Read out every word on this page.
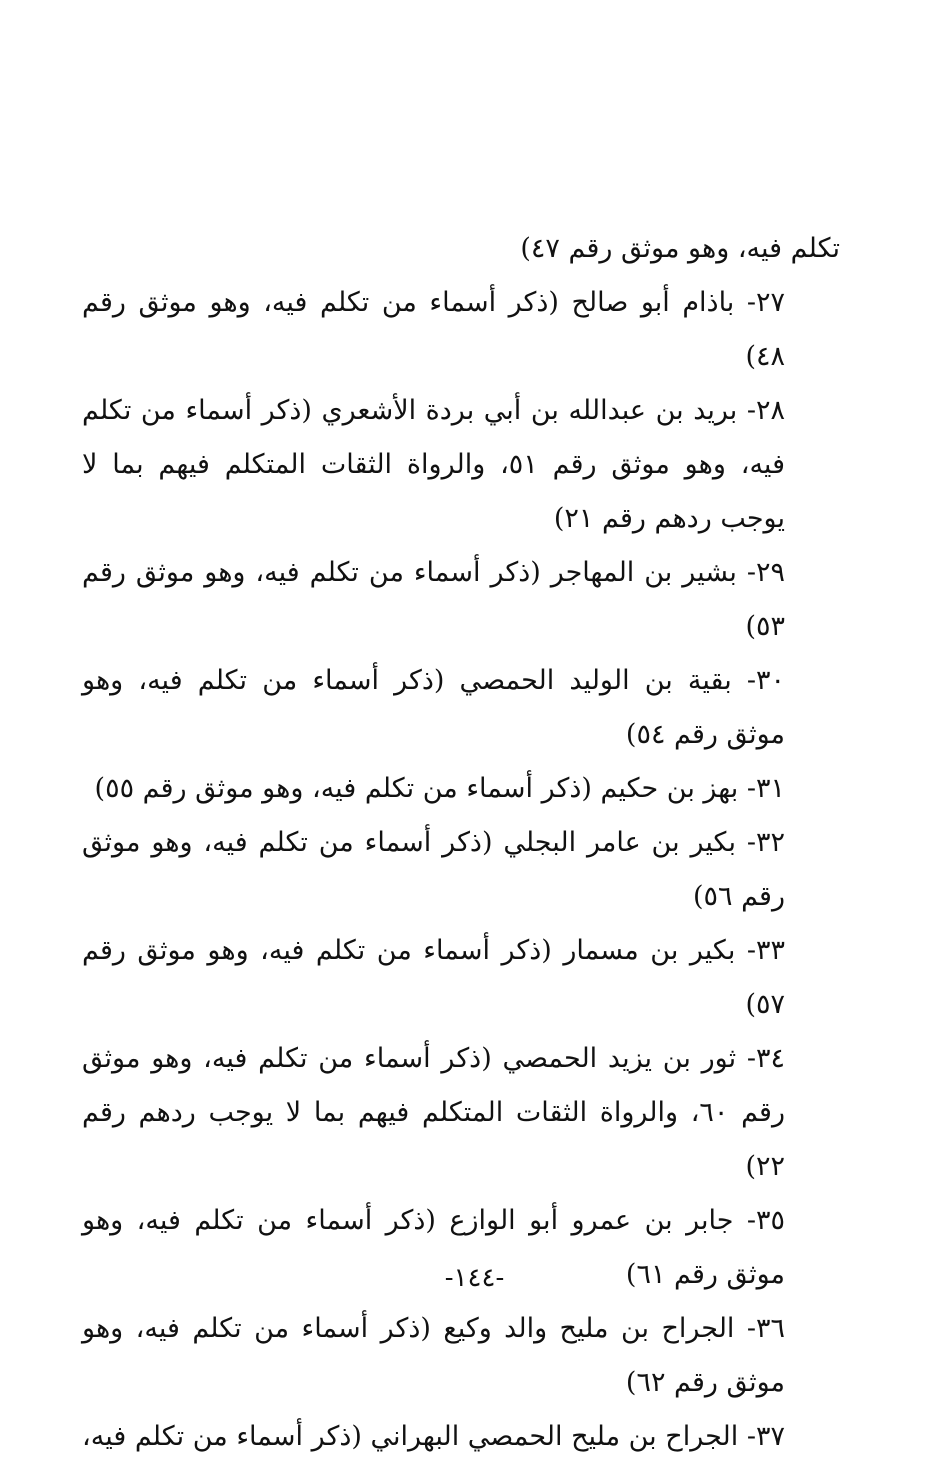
تكلم فيه، وهو موثق رقم ٤٧)

٢٧- باذام أبو صالح (ذكر أسماء من تكلم فيه، وهو موثق رقم ٤٨)

٢٨- بريد بن عبدالله بن أبي بردة الأشعري (ذكر أسماء من تكلم فيه، وهو موثق رقم ٥١، والرواة الثقات المتكلم فيهم بما لا يوجب ردهم رقم ٢١)

٢٩- بشير بن المهاجر (ذكر أسماء من تكلم فيه، وهو موثق رقم ٥٣)

٣٠- بقية بن الوليد الحمصي (ذكر أسماء من تكلم فيه، وهو موثق رقم ٥٤)

٣١- بهز بن حكيم (ذكر أسماء من تكلم فيه، وهو موثق رقم ٥٥)

٣٢- بكير بن عامر البجلي (ذكر أسماء من تكلم فيه، وهو موثق رقم ٥٦)

٣٣- بكير بن مسمار (ذكر أسماء من تكلم فيه، وهو موثق رقم ٥٧)

٣٤- ثور بن يزيد الحمصي (ذكر أسماء من تكلم فيه، وهو موثق رقم ٦٠، والرواة الثقات المتكلم فيهم بما لا يوجب ردهم رقم ٢٢)

٣٥- جابر بن عمرو أبو الوازع (ذكر أسماء من تكلم فيه، وهو موثق رقم ٦١)

٣٦- الجراح بن مليح والد وكيع (ذكر أسماء من تكلم فيه، وهو موثق رقم ٦٢)

٣٧- الجراح بن مليح الحمصي البهراني (ذكر أسماء من تكلم فيه،

-١٤٤-
